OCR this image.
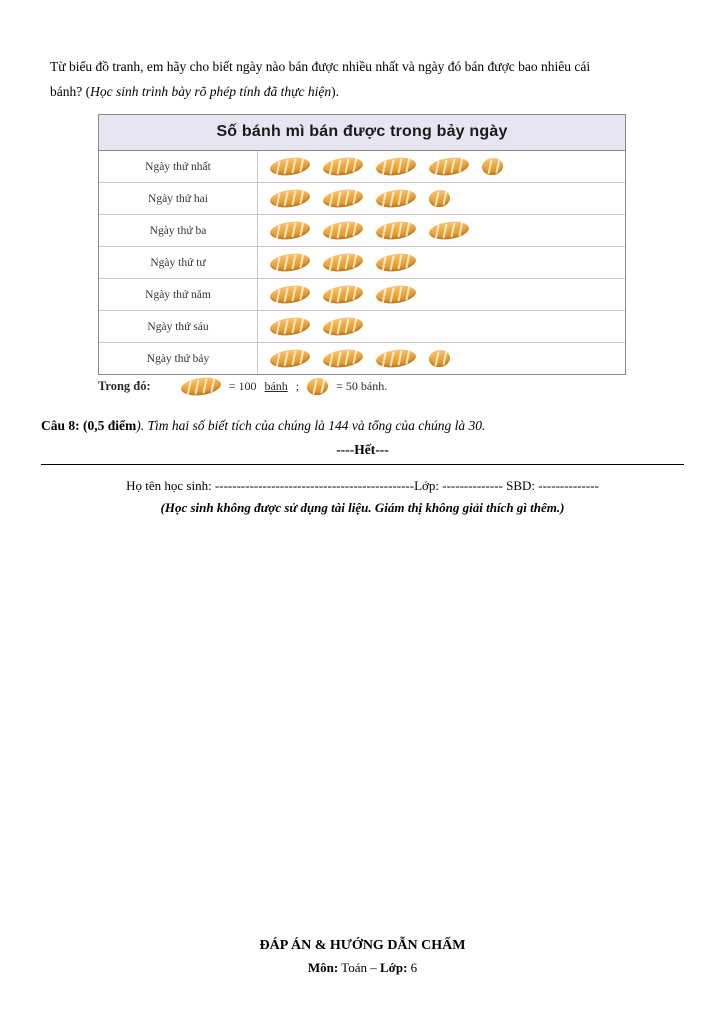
Từ biểu đồ tranh, em hãy cho biết ngày nào bán được nhiều nhất và ngày đó bán được bao nhiêu cái
bánh? (Học sinh trình bày rõ phép tính đã thực hiện).
Số bánh mì bán được trong bảy ngày
Ngày thứ nhất
Ngày thứ hai
Ngày thứ ba
Ngày thứ tư
Ngày thứ năm
Ngày thứ sáu
Ngày thứ bảy
Trong đó:	= 100 bánh ;	= 50 bánh.
Câu 8: (0,5 điểm). Tìm hai số biết tích của chúng là 144 và tổng của chúng là 30.
----Hết---
Họ tên học sinh: ----------------------------------------------Lớp: -------------- SBD: --------------
(Học sinh không được sử dụng tài liệu. Giám thị không giải thích gì thêm.)
ĐÁP ÁN & HƯỚNG DẪN CHẤM
Môn: Toán – Lớp: 6
